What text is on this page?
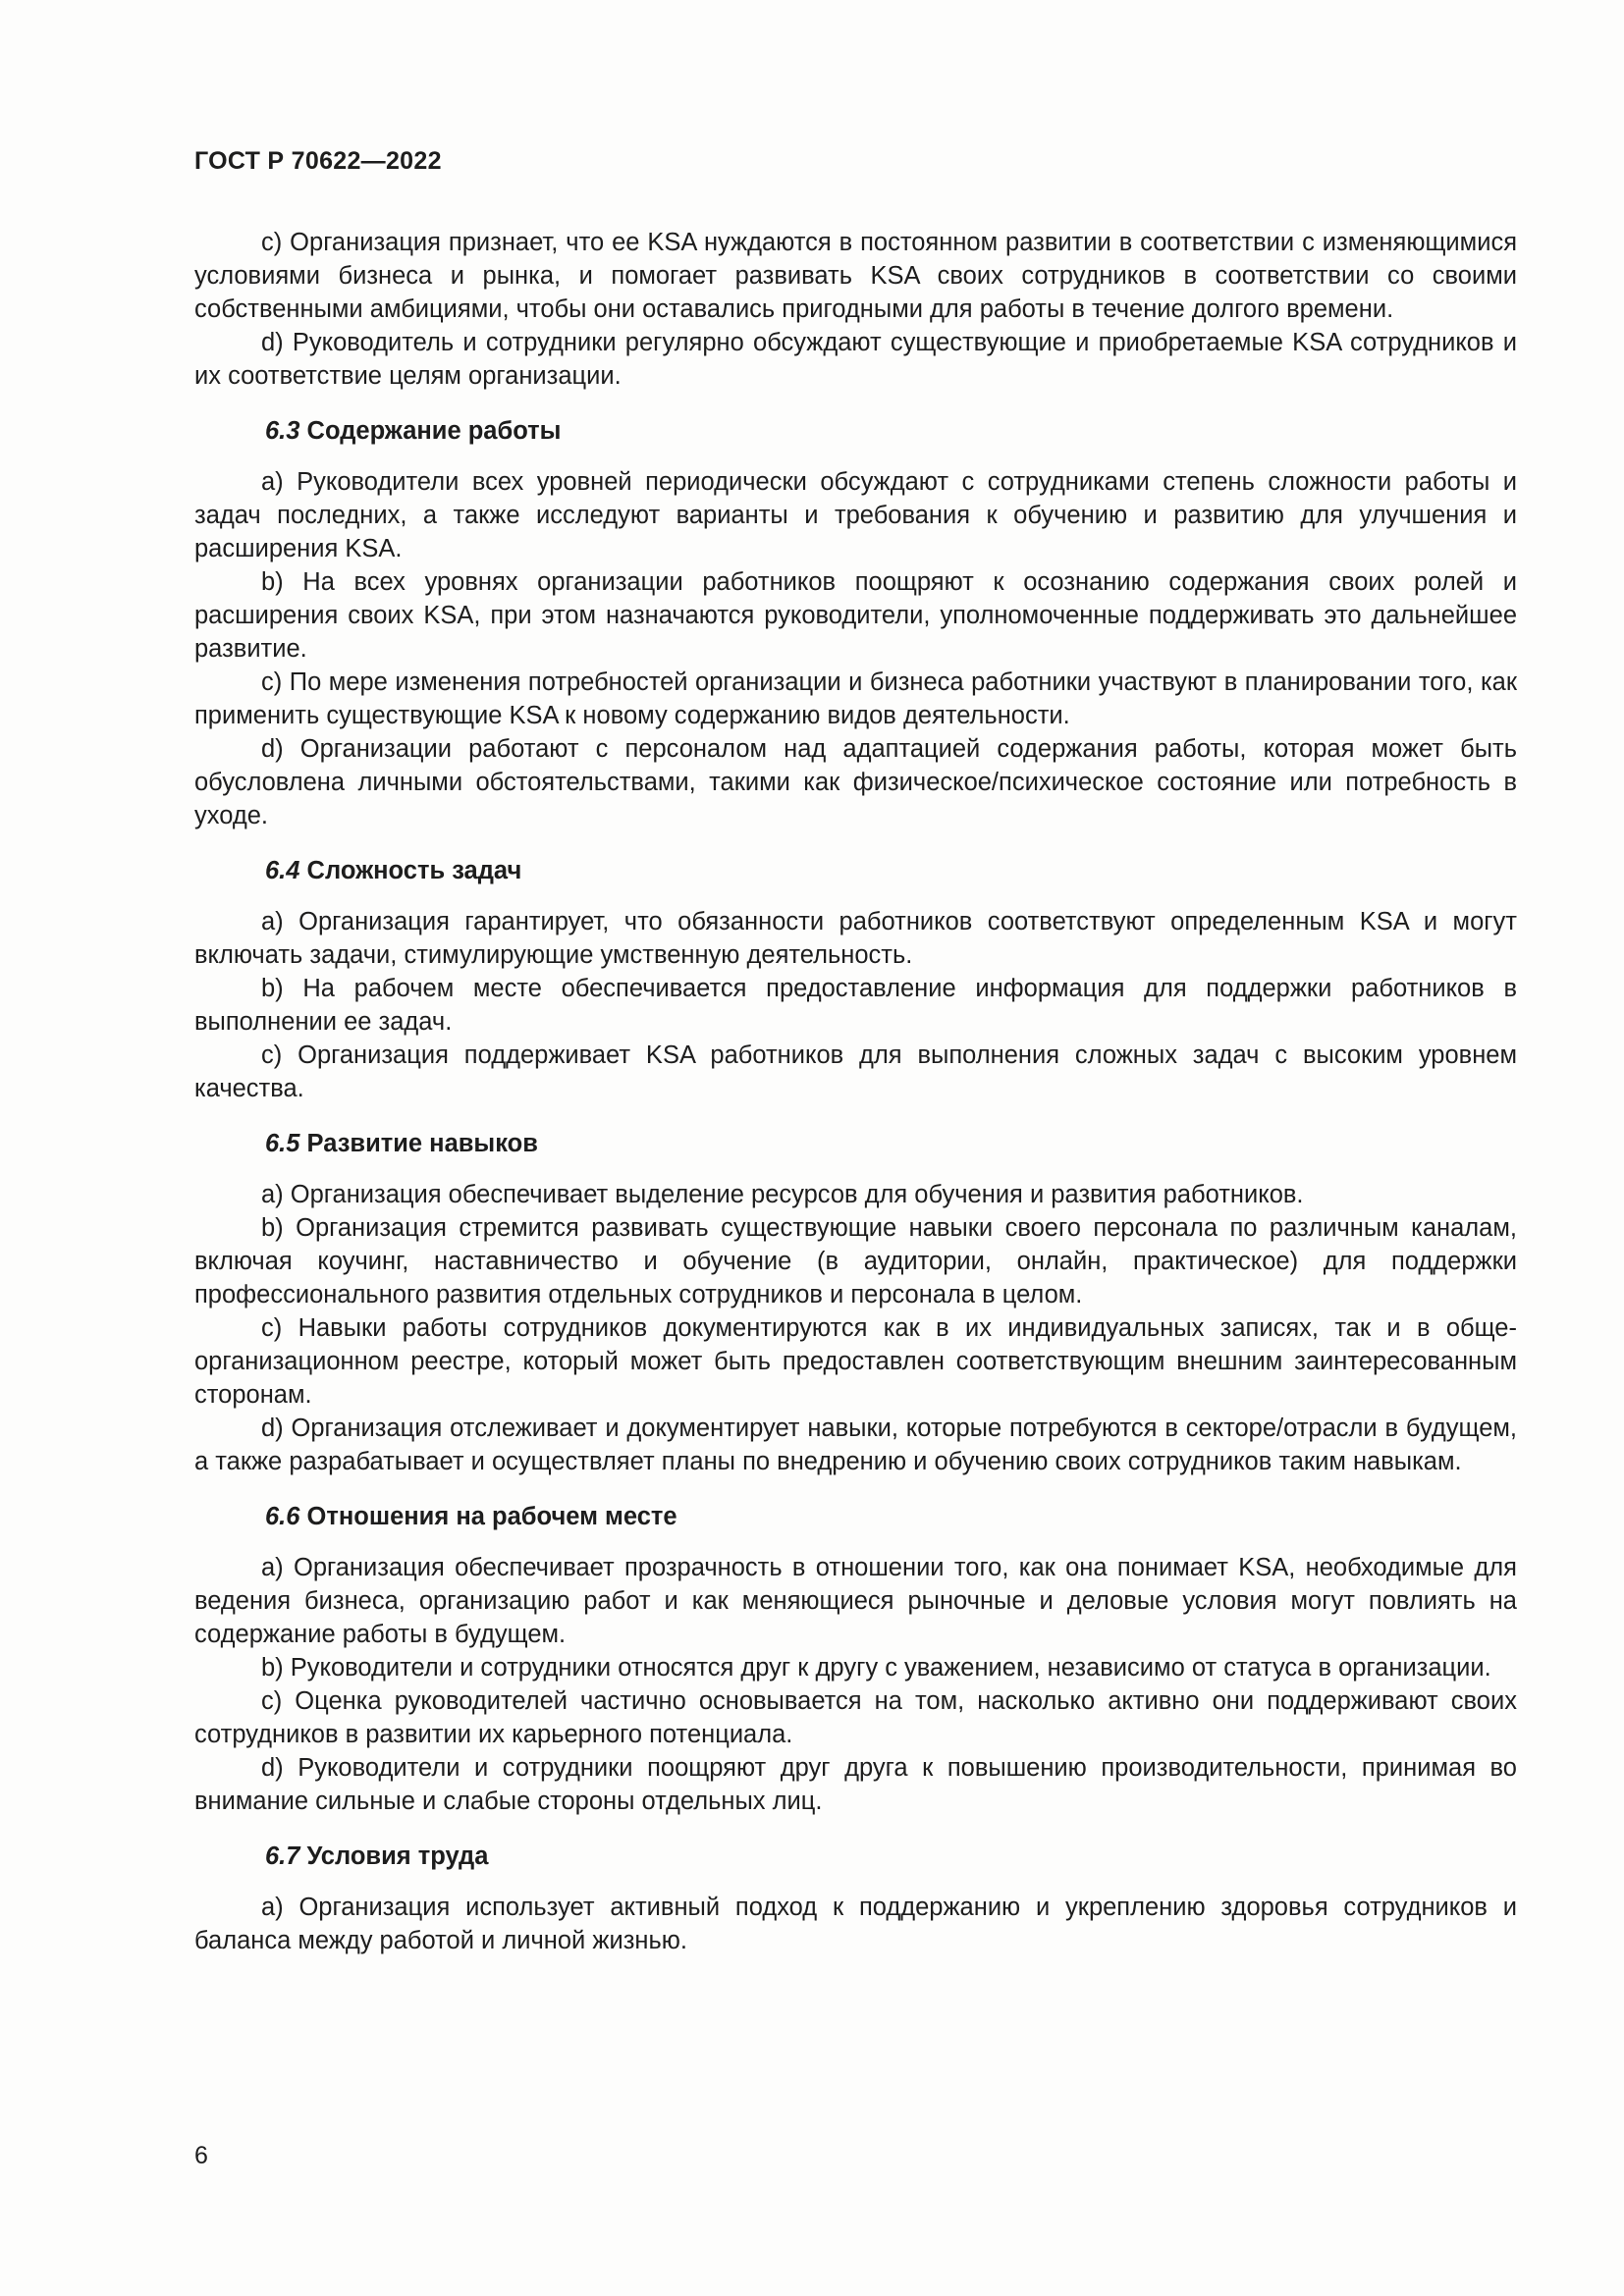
ГОСТ Р 70622—2022

c) Организация признает, что ее KSA нуждаются в постоянном развитии в соответствии с изменяющимися условиями бизнеса и рынка, и помогает развивать KSA своих сотрудников в соответствии со своими собственными амбициями, чтобы они оставались пригодными для работы в течение долгого времени.

d) Руководитель и сотрудники регулярно обсуждают существующие и приобретаемые KSA сотрудников и их соответствие целям организации.

6.3 Содержание работы

a) Руководители всех уровней периодически обсуждают с сотрудниками степень сложности работы и задач последних, а также исследуют варианты и требования к обучению и развитию для улучшения и расширения KSA.

b) На всех уровнях организации работников поощряют к осознанию содержания своих ролей и расширения своих KSA, при этом назначаются руководители, уполномоченные поддерживать это дальнейшее развитие.

c) По мере изменения потребностей организации и бизнеса работники участвуют в планировании того, как применить существующие KSA к новому содержанию видов деятельности.

d) Организации работают с персоналом над адаптацией содержания работы, которая может быть обусловлена личными обстоятельствами, такими как физическое/психическое состояние или потребность в уходе.

6.4 Сложность задач

a) Организация гарантирует, что обязанности работников соответствуют определенным KSA и могут включать задачи, стимулирующие умственную деятельность.

b) На рабочем месте обеспечивается предоставление информация для поддержки работников в выполнении ее задач.

c) Организация поддерживает KSA работников для выполнения сложных задач с высоким уровнем качества.

6.5 Развитие навыков

a) Организация обеспечивает выделение ресурсов для обучения и развития работников.

b) Организация стремится развивать существующие навыки своего персонала по различным каналам, включая коучинг, наставничество и обучение (в аудитории, онлайн, практическое) для поддержки профессионального развития отдельных сотрудников и персонала в целом.

c) Навыки работы сотрудников документируются как в их индивидуальных записях, так и в общеорганизационном реестре, который может быть предоставлен соответствующим внешним заинтересованным сторонам.

d) Организация отслеживает и документирует навыки, которые потребуются в секторе/отрасли в будущем, а также разрабатывает и осуществляет планы по внедрению и обучению своих сотрудников таким навыкам.

6.6 Отношения на рабочем месте

a) Организация обеспечивает прозрачность в отношении того, как она понимает KSA, необходимые для ведения бизнеса, организацию работ и как меняющиеся рыночные и деловые условия могут повлиять на содержание работы в будущем.

b) Руководители и сотрудники относятся друг к другу с уважением, независимо от статуса в организации.

c) Оценка руководителей частично основывается на том, насколько активно они поддерживают своих сотрудников в развитии их карьерного потенциала.

d) Руководители и сотрудники поощряют друг друга к повышению производительности, принимая во внимание сильные и слабые стороны отдельных лиц.

6.7 Условия труда

a) Организация использует активный подход к поддержанию и укреплению здоровья сотрудников и баланса между работой и личной жизнью.

6
